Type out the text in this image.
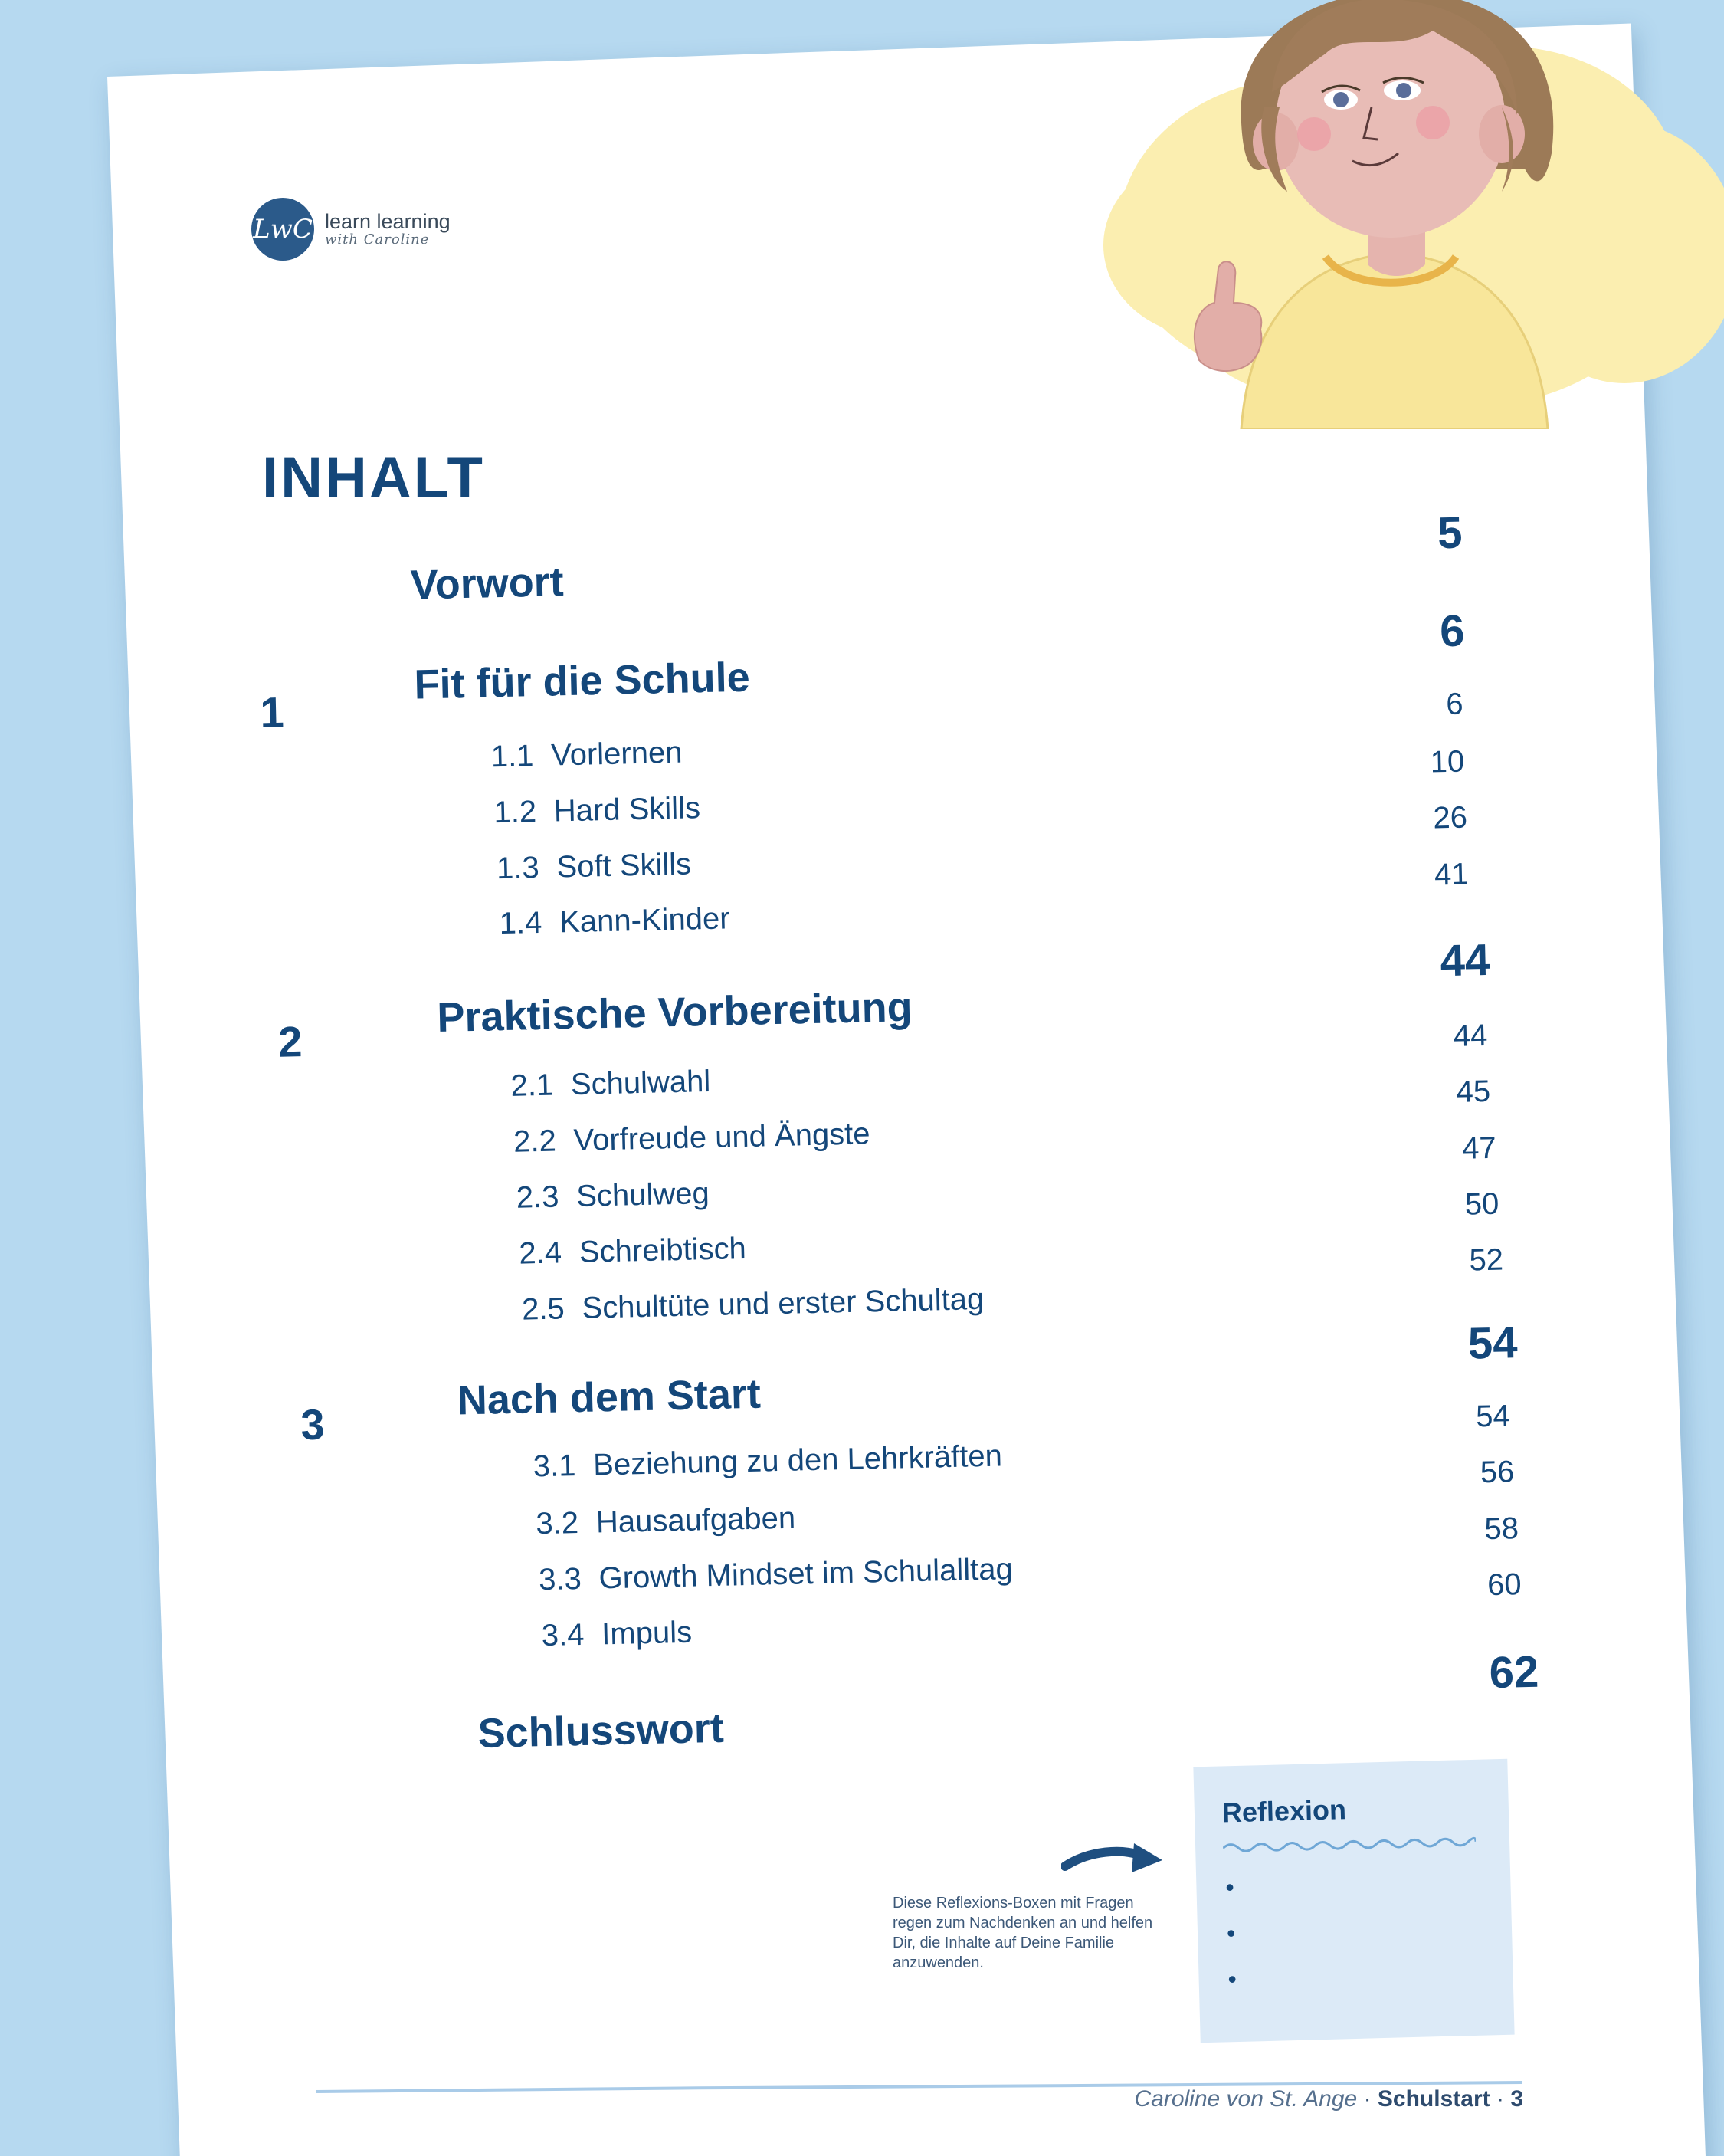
LwC learn learning
with Caroline
INHALT
Vorwort
5
1
Fit für die Schule
6
1.1 Vorlernen
6
1.2 Hard Skills
10
1.3 Soft Skills
26
1.4 Kann-Kinder
41
2
Praktische Vorbereitung
44
2.1 Schulwahl
44
2.2 Vorfreude und Ängste
45
2.3 Schulweg
47
2.4 Schreibtisch
50
2.5 Schultüte und erster Schultag
52
3
Nach dem Start
54
3.1 Beziehung zu den Lehrkräften
54
3.2 Hausaufgaben
56
3.3 Growth Mindset im Schulalltag
58
3.4 Impuls
60
Schlusswort
62
Diese Reflexions-Boxen mit Fragen regen zum Nachdenken an und helfen Dir, die Inhalte auf Deine Familie anzuwenden.
Reflexion
•
•
•
Caroline von St. Ange · Schulstart · 3
